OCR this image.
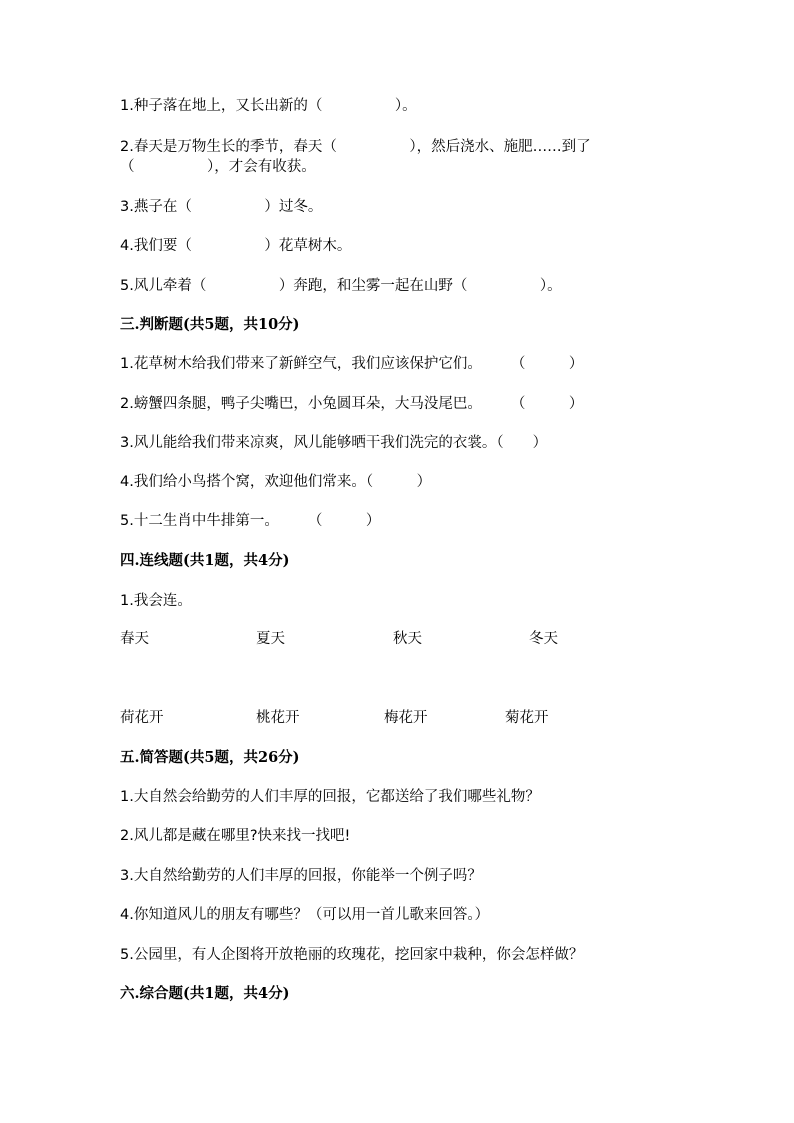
1.种子落在地上，又长出新的（　　　　　）。
2.春天是万物生长的季节，春天（　　　　　），然后浇水、施肥……到了
（　　　　　），才会有收获。
3.燕子在（　　　　　）过冬。
4.我们要（　　　　　）花草树木。
5.风儿牵着（　　　　　）奔跑，和尘雾一起在山野（　　　　　）。
三.判断题(共5题，共10分)
1.花草树木给我们带来了新鲜空气，我们应该保护它们。　　　（　　　）
2.螃蟹四条腿，鸭子尖嘴巴，小兔圆耳朵，大马没尾巴。　　　（　　　）
3.风儿能给我们带来凉爽，风儿能够晒干我们洗完的衣裳。（　　）
4.我们给小鸟搭个窝，欢迎他们常来。（　　　）
5.十二生肖中牛排第一。　　　（　　　）
四.连线题(共1题，共4分)
1.我会连。
春天	夏天	秋天	冬天
荷花开	桃花开	梅花开	菊花开
五.简答题(共5题，共26分)
1.大自然会给勤劳的人们丰厚的回报，它都送给了我们哪些礼物？
2.风儿都是藏在哪里?快来找一找吧!
3.大自然给勤劳的人们丰厚的回报，你能举一个例子吗？
4.你知道风儿的朋友有哪些？（可以用一首儿歌来回答。）
5.公园里，有人企图将开放艳丽的玫瑰花，挖回家中栽种，你会怎样做？
六.综合题(共1题，共4分)
